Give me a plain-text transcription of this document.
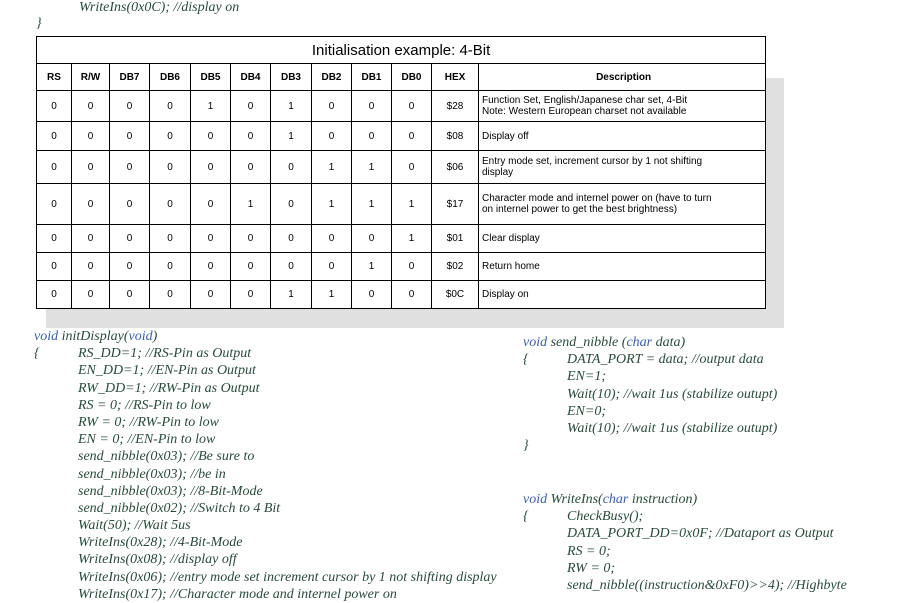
WriteIns(0x0C); //display on
}
Initialisation example: 4-Bit											
RS	R/W	DB7	DB6	DB5	DB4	DB3	DB2	DB1	DB0	HEX	Description
0	0	0	0	1	0	1	0	0	0	$28	Function Set, English/Japanese char set, 4-Bit
Note: Western European charset not available

0	0	0	0	0	0	1	0	0	0	$08	Display off

0	0	0	0	0	0	0	1	1	0	$06	Entry mode set, increment cursor by 1 not shifting
display

0	0	0	0	0	1	0	1	1	1	$17	Character mode and internel power on (have to turn
on internel power to get the best brightness)

0	0	0	0	0	0	0	0	0	1	$01	Clear display

0	0	0	0	0	0	0	0	1	0	$02	Return home

0	0	0	0	0	0	1	1	0	0	$0C	Display on
void initDisplay(void)
{	RS_DD=1; //RS-Pin as Output
EN_DD=1; //EN-Pin as Output
RW_DD=1; //RW-Pin as Output
RS = 0; //RS-Pin to low
RW = 0; //RW-Pin to low
EN = 0; //EN-Pin to low
send_nibble(0x03); //Be sure to
send_nibble(0x03); //be in
send_nibble(0x03); //8-Bit-Mode
send_nibble(0x02); //Switch to 4 Bit
Wait(50); //Wait 5us
WriteIns(0x28); //4-Bit-Mode
WriteIns(0x08); //display off
WriteIns(0x06); //entry mode set increment cursor by 1 not shifting display
WriteIns(0x17); //Character mode and internel power on
void send_nibble (char data)
{	DATA_PORT = data; //output data
EN=1;
Wait(10); //wait 1us (stabilize outupt)
EN=0;
Wait(10); //wait 1us (stabilize outupt)
}
void WriteIns(char instruction)
{	CheckBusy();
DATA_PORT_DD=0x0F; //Dataport as Output
RS = 0;
RW = 0;
send_nibble((instruction&0xF0)>>4); //Highbyte
